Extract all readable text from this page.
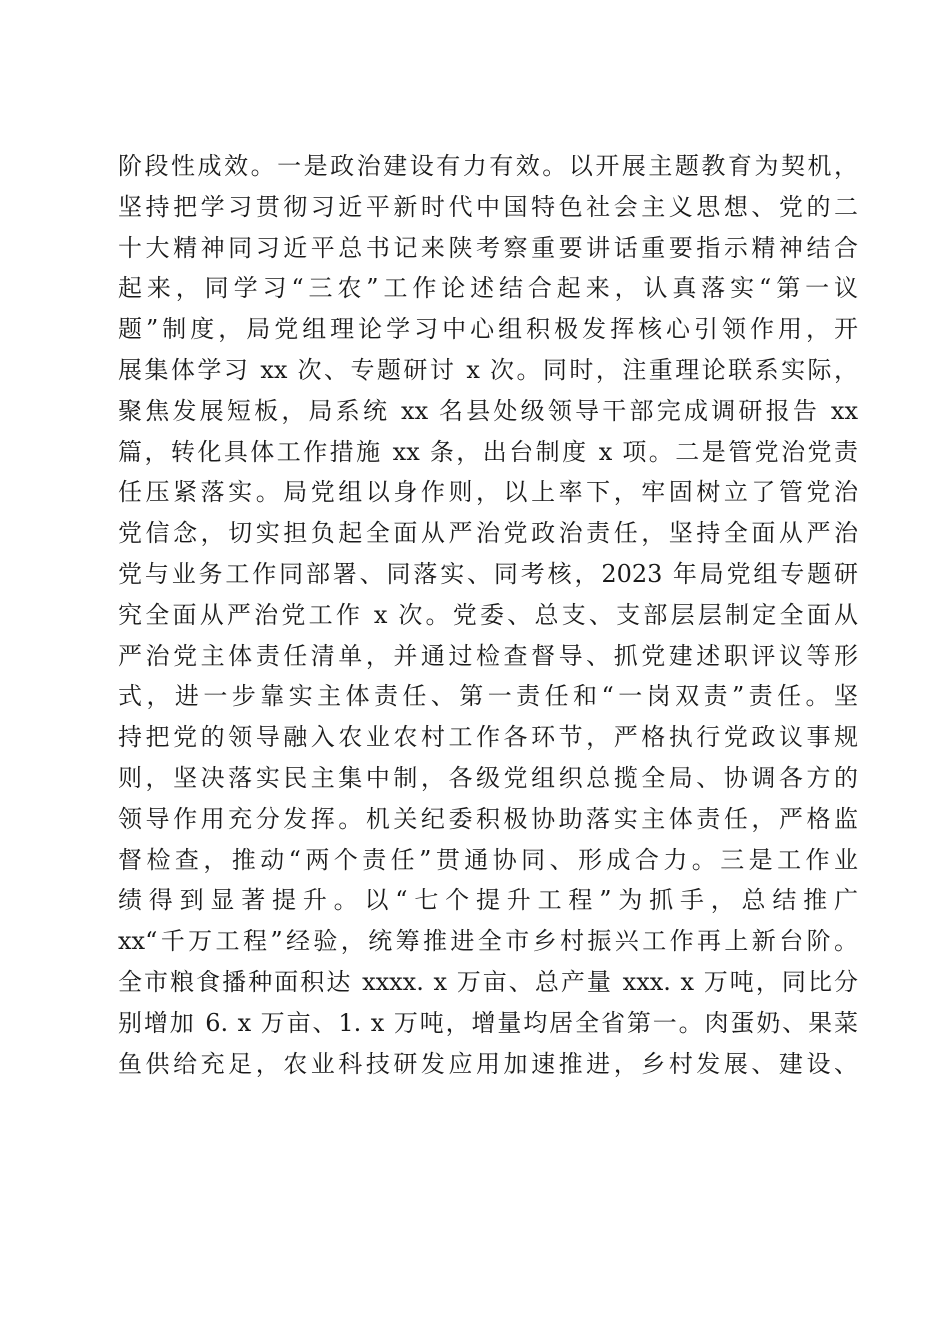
阶段性成效。一是政治建设有力有效。以开展主题教育为契机，
坚持把学习贯彻习近平新时代中国特色社会主义思想、党的二
十大精神同习近平总书记来陕考察重要讲话重要指示精神结合
起来，同学习“三农”工作论述结合起来，认真落实“第一议
题”制度，局党组理论学习中心组积极发挥核心引领作用，开
展集体学习 xx 次、专题研讨 x 次。同时，注重理论联系实际，
聚焦发展短板，局系统 xx 名县处级领导干部完成调研报告 xx
篇，转化具体工作措施 xx 条，出台制度 x 项。二是管党治党责
任压紧落实。局党组以身作则，以上率下，牢固树立了管党治
党信念，切实担负起全面从严治党政治责任，坚持全面从严治
党与业务工作同部署、同落实、同考核，2023 年局党组专题研
究全面从严治党工作 x 次。党委、总支、支部层层制定全面从
严治党主体责任清单，并通过检查督导、抓党建述职评议等形
式，进一步靠实主体责任、第一责任和“一岗双责”责任。坚
持把党的领导融入农业农村工作各环节，严格执行党政议事规
则，坚决落实民主集中制，各级党组织总揽全局、协调各方的
领导作用充分发挥。机关纪委积极协助落实主体责任，严格监
督检查，推动“两个责任”贯通协同、形成合力。三是工作业
绩得到显著提升。以“七个提升工程”为抓手，总结推广
xx“千万工程”经验，统筹推进全市乡村振兴工作再上新台阶。
全市粮食播种面积达 xxxx. x 万亩、总产量 xxx. x 万吨，同比分
别增加 6. x 万亩、1. x 万吨，增量均居全省第一。肉蛋奶、果菜
鱼供给充足，农业科技研发应用加速推进，乡村发展、建设、
